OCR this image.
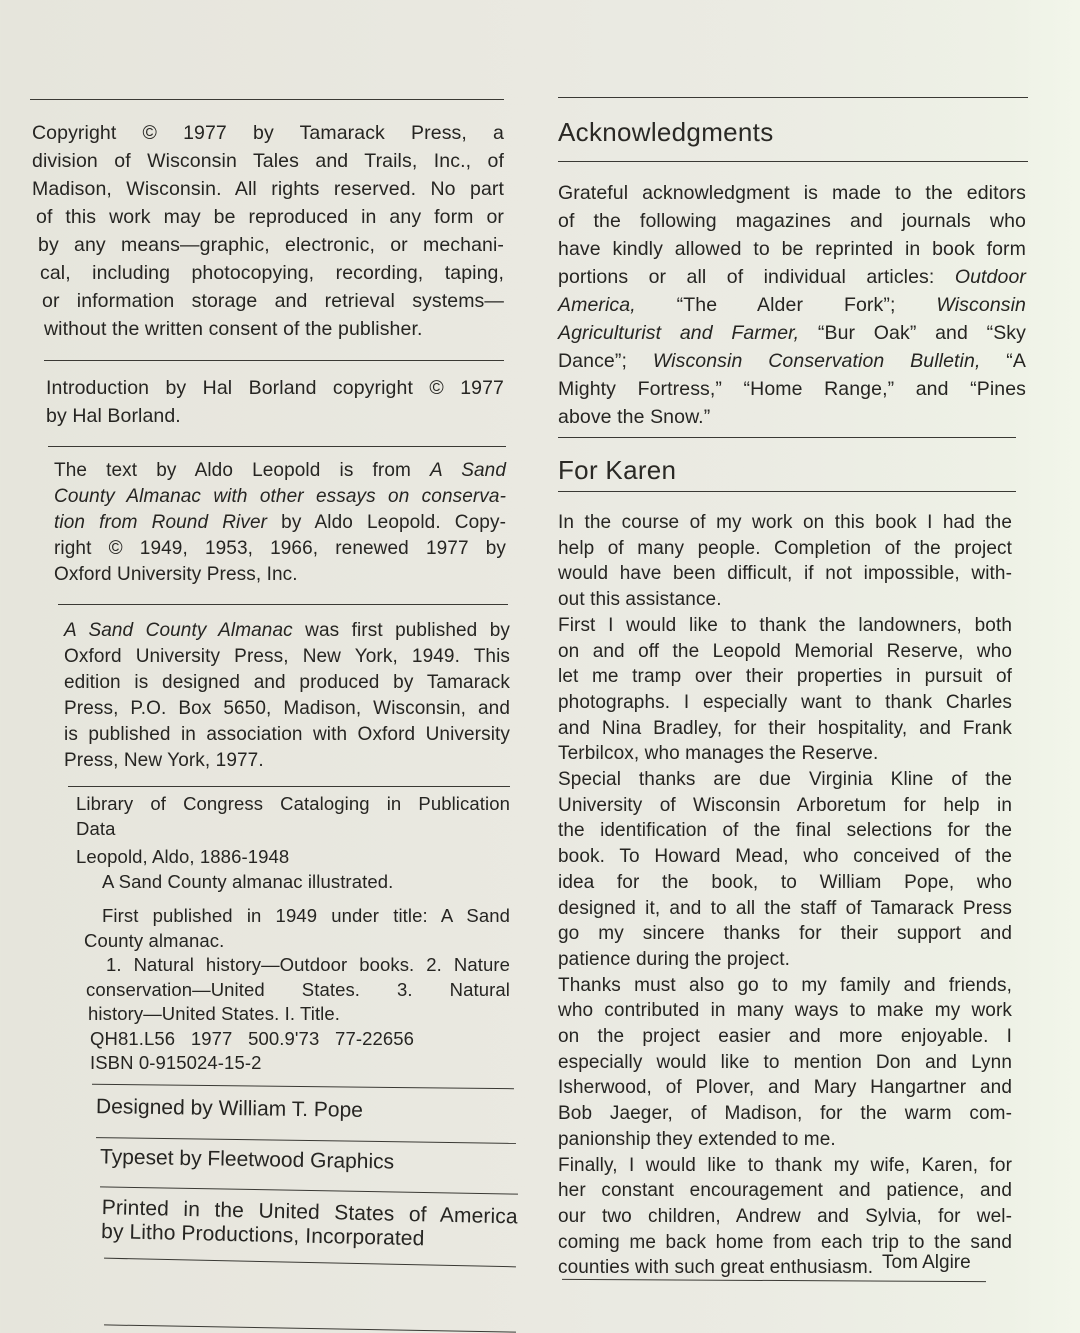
Copyright © 1977 by Tamarack Press, a
division of Wisconsin Tales and Trails, Inc., of
Madison, Wisconsin. All rights reserved. No part
of this work may be reproduced in any form or
by any means—graphic, electronic, or mechani-
cal, including photocopying, recording, taping,
or information storage and retrieval systems—
without the written consent of the publisher.
Introduction by Hal Borland copyright © 1977
by Hal Borland.
The text by Aldo Leopold is from A Sand
County Almanac with other essays on conserva-
tion from Round River by Aldo Leopold. Copy-
right © 1949, 1953, 1966, renewed 1977 by
Oxford University Press, Inc.
A Sand County Almanac was first published by
Oxford University Press, New York, 1949. This
edition is designed and produced by Tamarack
Press, P.O. Box 5650, Madison, Wisconsin, and
is published in association with Oxford University
Press, New York, 1977.
Library of Congress Cataloging in Publication
Data
Leopold, Aldo, 1886-1948
A Sand County almanac illustrated.
First published in 1949 under title: A Sand
County almanac.
1. Natural history—Outdoor books. 2. Nature
conservation—United States. 3. Natural
history—United States. I. Title.
QH81.L56   1977   500.9'73   77-22656
ISBN 0-915024-15-2
Designed by William T. Pope
Typeset by Fleetwood Graphics
Printed in the United States of America
by Litho Productions, Incorporated
Acknowledgments
Grateful acknowledgment is made to the editors
of the following magazines and journals who
have kindly allowed to be reprinted in book form
portions or all of individual articles: Outdoor
America, “The Alder Fork”; Wisconsin
Agriculturist and Farmer, “Bur Oak” and “Sky
Dance”; Wisconsin Conservation Bulletin, “A
Mighty Fortress,” “Home Range,” and “Pines
above the Snow.”
For Karen
In the course of my work on this book I had the
help of many people. Completion of the project
would have been difficult, if not impossible, with-
out this assistance.
First I would like to thank the landowners, both
on and off the Leopold Memorial Reserve, who
let me tramp over their properties in pursuit of
photographs. I especially want to thank Charles
and Nina Bradley, for their hospitality, and Frank
Terbilcox, who manages the Reserve.
Special thanks are due Virginia Kline of the
University of Wisconsin Arboretum for help in
the identification of the final selections for the
book. To Howard Mead, who conceived of the
idea for the book, to William Pope, who
designed it, and to all the staff of Tamarack Press
go my sincere thanks for their support and
patience during the project.
Thanks must also go to my family and friends,
who contributed in many ways to make my work
on the project easier and more enjoyable. I
especially would like to mention Don and Lynn
Isherwood, of Plover, and Mary Hangartner and
Bob Jaeger, of Madison, for the warm com-
panionship they extended to me.
Finally, I would like to thank my wife, Karen, for
her constant encouragement and patience, and
our two children, Andrew and Sylvia, for wel-
coming me back home from each trip to the sand
counties with such great enthusiasm. Tom Algire
